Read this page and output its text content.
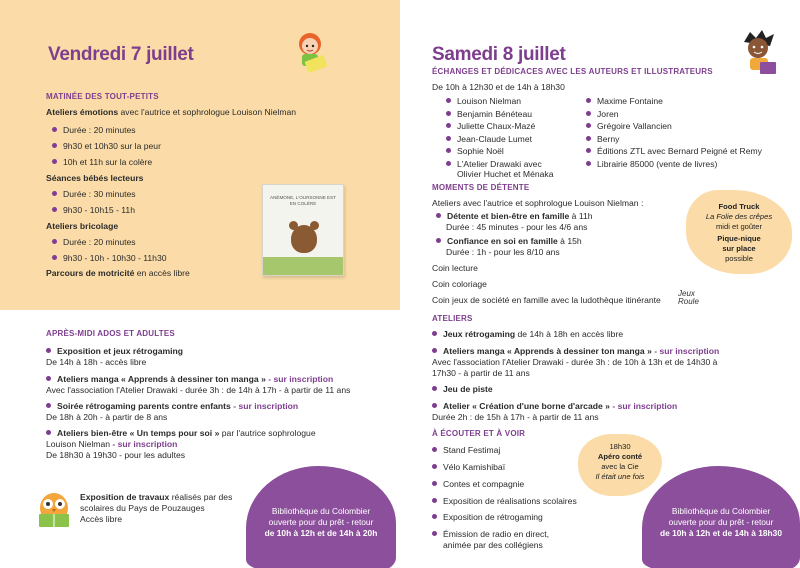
Vendredi 7 juillet
MATINÉE DES TOUT-PETITS
Ateliers émotions avec l'autrice et sophrologue Louison Nielman
Durée : 20 minutes
9h30 et 10h30 sur la peur
10h et 11h sur la colère
Séances bébés lecteurs
Durée : 30 minutes
9h30 - 10h15 - 11h
Ateliers bricolage
Durée : 20 minutes
9h30 - 10h - 10h30 - 11h30
Parcours de motricité en accès libre
ANÉMONE, L'OURSONNE EST EN COLÈRE
APRÈS-MIDI ADOS ET ADULTES
Exposition et jeux rétrogaming
De 14h à 18h - accès libre
Ateliers manga « Apprends à dessiner ton manga » - sur inscription
Avec l'association l'Atelier Drawaki - durée 3h : de 14h à 17h - à partir de 11 ans
Soirée rétrogaming parents contre enfants - sur inscription
De 18h à 20h - à partir de 8 ans
Ateliers bien-être « Un temps pour soi » par l'autrice sophrologue
Louison Nielman - sur inscription
De 18h30 à 19h30 - pour les adultes
Exposition de travaux réalisés par des
scolaires du Pays de Pouzauges
Accès libre
Bibliothèque du Colombier
ouverte pour du prêt - retour
de 10h à 12h et de 14h à 20h
Samedi 8 juillet
ÉCHANGES ET DÉDICACES AVEC LES AUTEURS ET ILLUSTRATEURS
De 10h à 12h30 et de 14h à 18h30
Louison Nielman
Benjamin Bénéteau
Juliette Chaux-Mazé
Jean-Claude Lumet
Sophie Noël
L'Atelier Drawaki avec
Olivier Huchet et Ménaka
Maxime Fontaine
Joren
Grégoire Vallancien
Berny
Éditions ZTL avec Bernard Peigné et Remy
Librairie 85000 (vente de livres)
MOMENTS DE DÉTENTE
Ateliers avec l'autrice et sophrologue Louison Nielman :
Détente et bien-être en famille à 11h
Durée : 45 minutes - pour les 4/6 ans
Confiance en soi en famille à 15h
Durée : 1h - pour les 8/10 ans
Coin lecture
Coin coloriage
Coin jeux de société en famille avec la ludothèque itinérante
Jeux Roule
Food Truck
La Folie des crêpes
midi et goûter
Pique-nique
sur place
possible
ATELIERS
Jeux rétrogaming de 14h à 18h en accès libre
Ateliers manga « Apprends à dessiner ton manga » - sur inscription
Avec l'association l'Atelier Drawaki - durée 3h : de 10h à 13h et de 14h30 à
17h30 - à partir de 11 ans
Jeu de piste
Atelier « Création d'une borne d'arcade » - sur inscription
Durée 2h : de 15h à 17h - à partir de 11 ans
À ÉCOUTER ET À VOIR
Stand Festimaj
Vélo Kamishibaï
Contes et compagnie
Exposition de réalisations scolaires
Exposition de rétrogaming
Émission de radio en direct,
animée par des collégiens
18h30
Apéro conté
avec la Cie
Il était une fois
Bibliothèque du Colombier
ouverte pour du prêt - retour
de 10h à 12h et de 14h à 18h30
